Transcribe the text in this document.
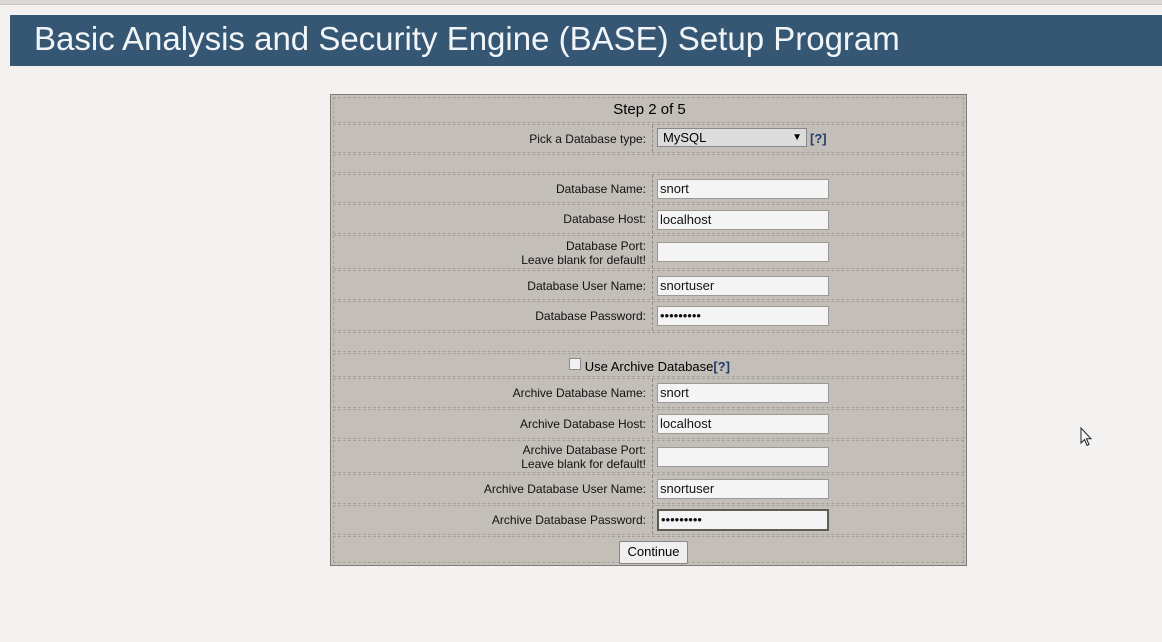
Basic Analysis and Security Engine (BASE) Setup Program
Step 2 of 5
Pick a Database type:	MySQL	▼ [?]
Database Name: snort
Database Host: localhost
Database Port:
Leave blank for default!
Database User Name: snortuser
Database Password: •••••••••
Use Archive Database[?]
Archive Database Name: snort
Archive Database Host: localhost
Archive Database Port:
Leave blank for default!
Archive Database User Name: snortuser
Archive Database Password:	•••••••••
Continue
